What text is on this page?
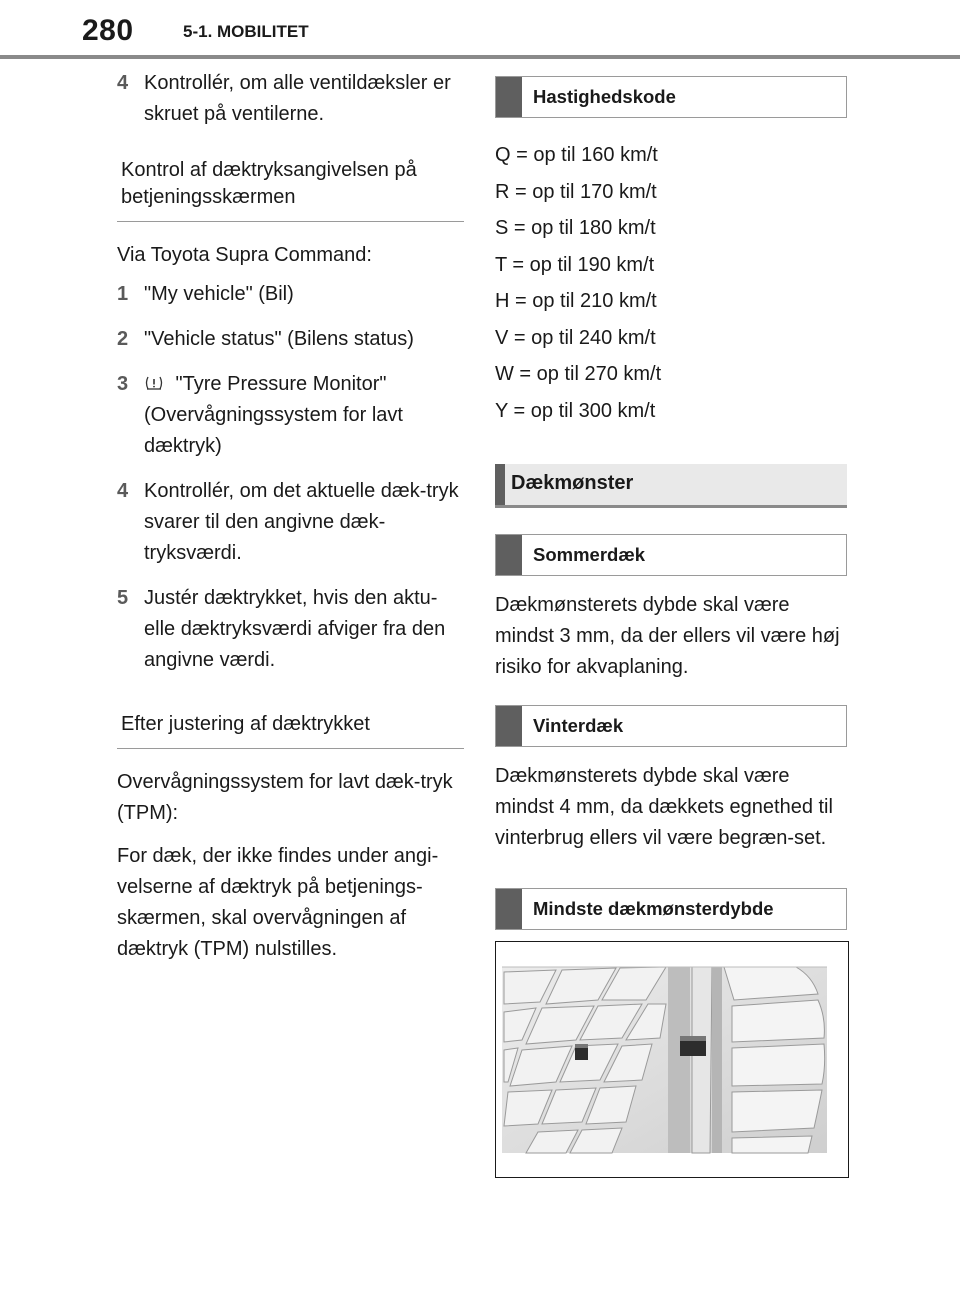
280	5-1. MOBILITET
4 Kontrollér, om alle ventildæksler er skruet på ventilerne.
Kontrol af dæktryksangivelsen på betjeningsskærmen

Via Toyota Supra Command:

1 "My vehicle" (Bil)
2 "Vehicle status" (Bilens status)
3 "Tyre Pressure Monitor" (Overvågningssystem for lavt dæktryk)
4 Kontrollér, om det aktuelle dæk-tryk svarer til den angivne dæk-tryksværdi.
5 Justér dæktrykket, hvis den aktu-elle dæktryksværdi afviger fra den angivne værdi.
Efter justering af dæktrykket

Overvågningssystem for lavt dæk-tryk (TPM):

For dæk, der ikke findes under angi-velserne af dæktryk på betjenings-skærmen, skal overvågningen af dæktryk (TPM) nulstilles.

Hastighedskode

Q = op til 160 km/t

R = op til 170 km/t

S = op til 180 km/t

T = op til 190 km/t

H = op til 210 km/t

V = op til 240 km/t

W = op til 270 km/t

Y = op til 300 km/t

Dækmønster
Sommerdæk

Dækmønsterets dybde skal være mindst 3 mm, da der ellers vil være høj risiko for akvaplaning.

Vinterdæk

Dækmønsterets dybde skal være mindst 4 mm, da dækkets egnethed til vinterbrug ellers vil være begræn-set.

Mindste dækmønsterdybde
